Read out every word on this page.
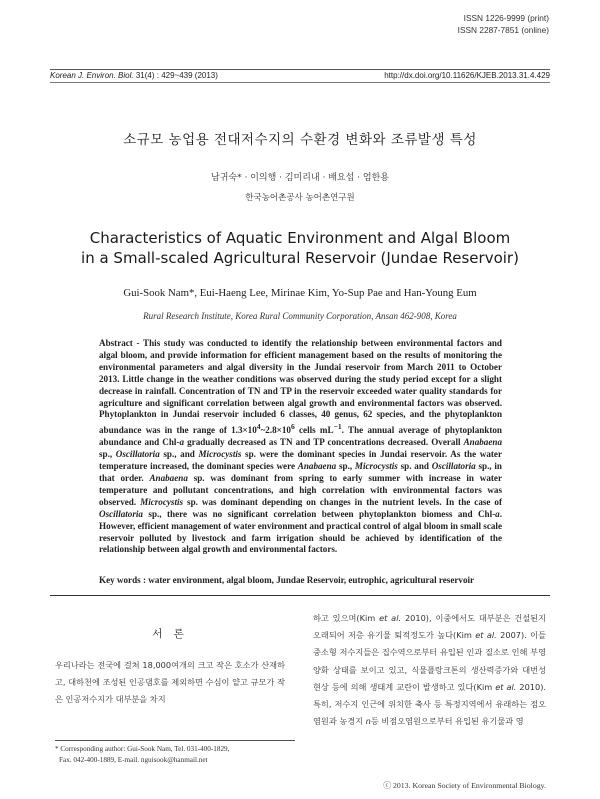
ISSN 1226-9999 (print)
ISSN 2287-7851 (online)
Korean J. Environ. Biol. 31(4) : 429~439 (2013)	http://dx.doi.org/10.11626/KJEB.2013.31.4.429
소규모 농업용 전대저수지의 수환경 변화와 조류발생 특성
남귀숙* · 이의행 · 김미리내 · 배요섭 · 엄한용
한국농어촌공사 농어촌연구원
Characteristics of Aquatic Environment and Algal Bloom
in a Small-scaled Agricultural Reservoir (Jundae Reservoir)
Gui-Sook Nam*, Eui-Haeng Lee, Mirinae Kim, Yo-Sup Pae and Han-Young Eum
Rural Research Institute, Korea Rural Community Corporation, Ansan 462-908, Korea
Abstract - This study was conducted to identify the relationship between environmental factors and algal bloom, and provide information for efficient management based on the results of monitoring the environmental parameters and algal diversity in the Jundai reservoir from March 2011 to October 2013. Little change in the weather conditions was observed during the study period except for a slight decrease in rainfall. Concentration of TN and TP in the reservoir exceeded water quality standards for agriculture and significant correlation between algal growth and environmental factors was observed. Phytoplankton in Jundai reservoir included 6 classes, 40 genus, 62 species, and the phytoplankton abundance was in the range of $1.3\times 10^4\sim 2.8\times 10^6$ cells $mL^{-1}$. The annual average of phytoplankton abundance and Chl-a gradually decreased as TN and TP concentrations decreased. Overall Anabaena sp., Oscillatoria sp., and Microcystis sp. were the dominant species in Jundai reservoir. As the water temperature increased, the dominant species were Anabaena sp., Microcystis sp. and Oscillatoria sp., in that order. Anabaena sp. was dominant from spring to early summer with increase in water temperature and pollutant concentrations, and high correlation with environmental factors was observed. Microcystis sp. was dominant depending on changes in the nutrient levels. In the case of Oscillatoria sp., there was no significant correlation between phytoplankton biomess and Chl-a. However, efficient management of water environment and practical control of algal bloom in small scale reservoir polluted by livestock and farm irrigation should be achieved by identification of the relationship between algal growth and environmental factors.
Key words : water environment, algal bloom, Jundae Reservoir, eutrophic, agricultural reservoir
서 론
우리나라는 전국에 걸쳐 18,000여개의 크고 작은 호소가 산재하고, 대하천에 조성된 인공댐호를 제외하면 수심이 얕고 규모가 작은 인공저수지가 대부분을 차지
하고 있으며(Kim et al. 2010), 이중에서도 대부분은 건설된지 오래되어 저층 유기물 퇴적정도가 높다(Kim et al. 2007). 이들 중소형 저수지들은 집수역으로부터 유입된 인과 질소로 인해 부영양화 상태를 보이고 있고, 식물플랑크톤의 생산력증가와 대번성 현상 등에 의해 생태계 교란이 발생하고 있다(Kim et al. 2010). 특히, 저수지 인근에 위치한 축사 등 특정지역에서 유래하는 점오염원과 농경지 n등 비점오염원으로부터 유입된 유기물과 영
* Corresponding author: Gui-Sook Nam, Tel. 031-400-1829,
Fax. 042-400-1889, E-mail. nguisook@hanmail.net
ⓒ 2013. Korean Society of Environmental Biology.
